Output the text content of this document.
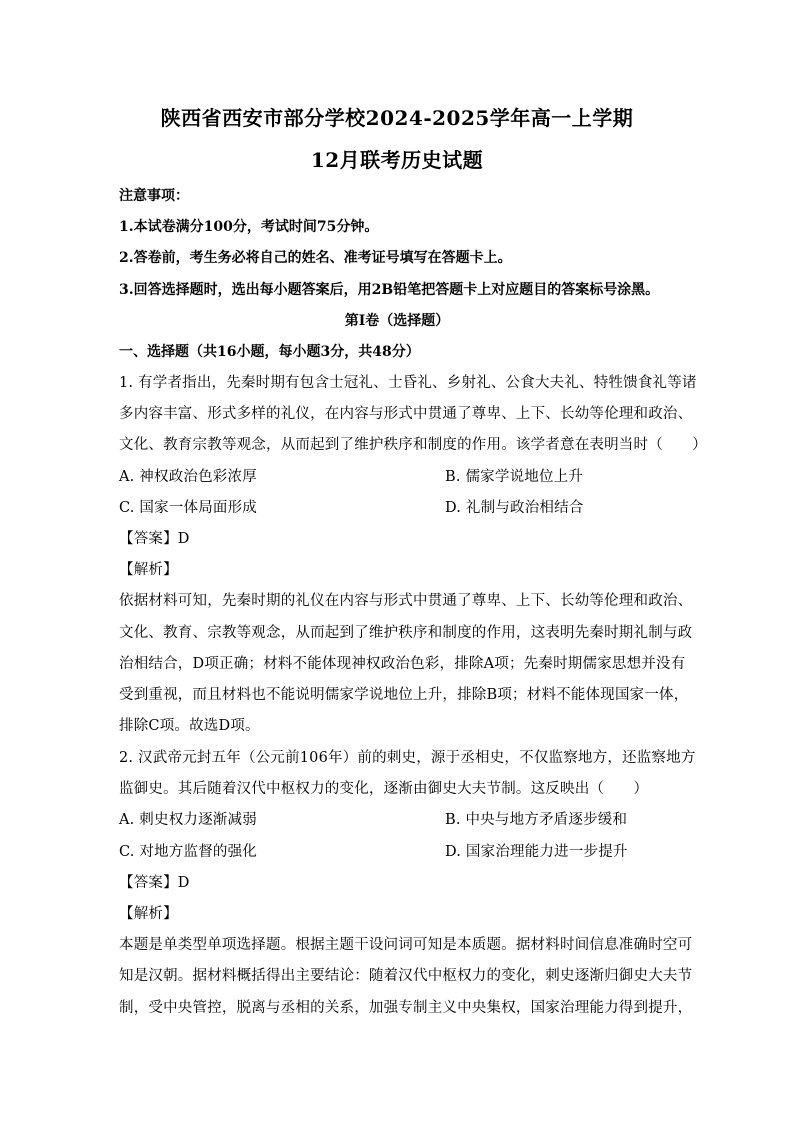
陕西省西安市部分学校2024-2025学年高一上学期
12月联考历史试题
注意事项：
1.本试卷满分100分，考试时间75分钟。
2.答卷前，考生务必将自己的姓名、准考证号填写在答题卡上。
3.回答选择题时，选出每小题答案后，用2B铅笔把答题卡上对应题目的答案标号涂黑。
第Ⅰ卷（选择题）
一、选择题（共16小题，每小题3分，共48分）
1. 有学者指出，先秦时期有包含士冠礼、士昏礼、乡射礼、公食大夫礼、特牲馈食礼等诸
多内容丰富、形式多样的礼仪，在内容与形式中贯通了尊卑、上下、长幼等伦理和政治、
文化、教育宗教等观念，从而起到了维护秩序和制度的作用。该学者意在表明当时（　　）
A. 神权政治色彩浓厚	B. 儒家学说地位上升
C. 国家一体局面形成	D. 礼制与政治相结合
【答案】D
【解析】
依据材料可知，先秦时期的礼仪在内容与形式中贯通了尊卑、上下、长幼等伦理和政治、
文化、教育、宗教等观念，从而起到了维护秩序和制度的作用，这表明先秦时期礼制与政
治相结合，D项正确；材料不能体现神权政治色彩，排除A项；先秦时期儒家思想并没有
受到重视，而且材料也不能说明儒家学说地位上升，排除B项；材料不能体现国家一体，
排除C项。故选D项。
2. 汉武帝元封五年（公元前106年）前的刺史，源于丞相史，不仅监察地方，还监察地方
监御史。其后随着汉代中枢权力的变化，逐渐由御史大夫节制。这反映出（　　）
A. 刺史权力逐渐减弱	B. 中央与地方矛盾逐步缓和
C. 对地方监督的强化	D. 国家治理能力进一步提升
【答案】D
【解析】
本题是单类型单项选择题。根据主题干设问词可知是本质题。据材料时间信息准确时空可
知是汉朝。据材料概括得出主要结论：随着汉代中枢权力的变化，刺史逐渐归御史大夫节
制，受中央管控，脱离与丞相的关系，加强专制主义中央集权，国家治理能力得到提升，
